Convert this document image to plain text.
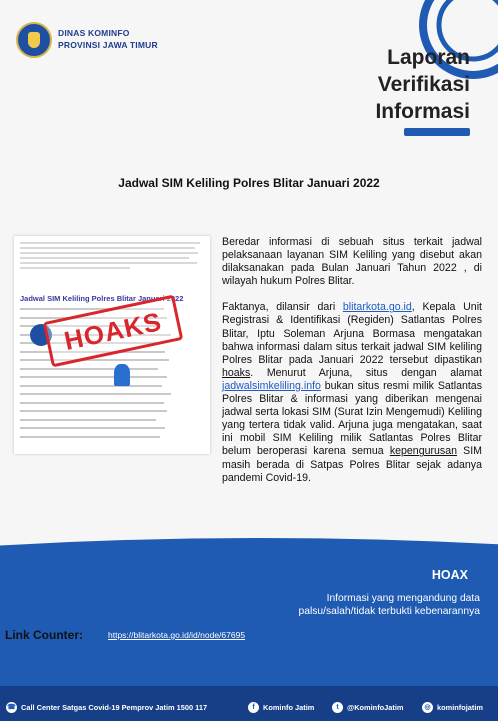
DINAS KOMINFO
PROVINSI JAWA TIMUR
Laporan
Verifikasi
Informasi
Jadwal SIM Keliling Polres Blitar Januari 2022
Jadwal SIM Keliling Polres Blitar Januari 2022
HOAKS

Beredar informasi di sebuah situs terkait jadwal pelaksanaan layanan SIM Keliling yang disebut akan dilaksanakan pada Bulan Januari Tahun 2022 , di wilayah hukum Polres Blitar.

Faktanya, dilansir dari blitarkota.go.id, Kepala Unit Registrasi & Identifikasi (Regiden) Satlantas Polres Blitar, Iptu Soleman Arjuna Bormasa mengatakan bahwa informasi dalam situs terkait jadwal SIM keliling Polres Blitar pada Januari 2022 tersebut dipastikan hoaks. Menurut Arjuna, situs dengan alamat jadwalsimkeliling.info bukan situs resmi milik Satlantas Polres Blitar & informasi yang diberikan mengenai jadwal serta lokasi SIM (Surat Izin Mengemudi) Keliling yang tertera tidak valid. Arjuna juga mengatakan, saat ini mobil SIM Keliling milik Satlantas Polres Blitar belum beroperasi karena semua kepengurusan SIM masih berada di Satpas Polres Blitar sejak adanya pandemi Covid-19.

HOAX
Informasi yang mengandung data palsu/salah/tidak terbukti kebenarannya
Link Counter:	https://blitarkota.go.id/id/node/67695
☎ Call Center Satgas Covid-19 Pemprov Jatim 1500 117	f	Kominfo Jatim	t	@KominfoJatim	◎ kominfojatim
